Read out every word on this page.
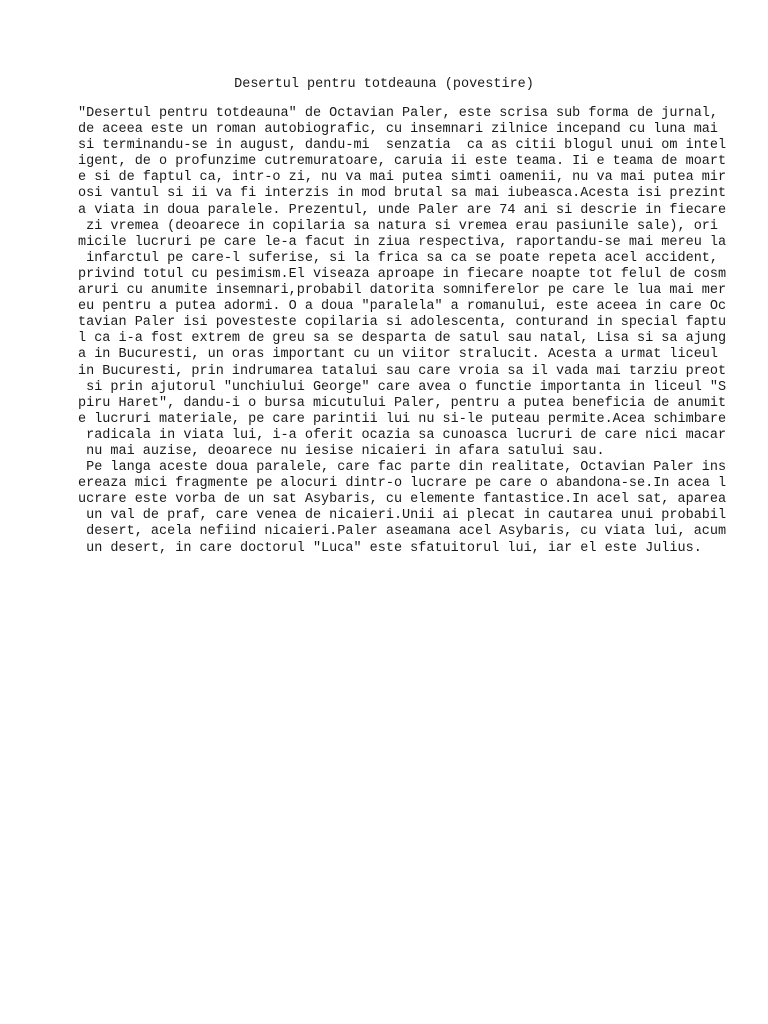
Desertul pentru totdeauna (povestire)
"Desertul pentru totdeauna" de Octavian Paler, este scrisa sub forma de jurnal,
de aceea este un roman autobiografic, cu insemnari zilnice incepand cu luna mai
si terminandu-se in august, dandu-mi  senzatia  ca as citii blogul unui om intel
igent, de o profunzime cutremuratoare, caruia ii este teama. Ii e teama de moart
e si de faptul ca, intr-o zi, nu va mai putea simti oamenii, nu va mai putea mir
osi vantul si ii va fi interzis in mod brutal sa mai iubeasca.Acesta isi prezint
a viata in doua paralele. Prezentul, unde Paler are 74 ani si descrie in fiecare
zi vremea (deoarece in copilaria sa natura si vremea erau pasiunile sale), ori
micile lucruri pe care le-a facut in ziua respectiva, raportandu-se mai mereu la
infarctul pe care-l suferise, si la frica sa ca se poate repeta acel accident,
privind totul cu pesimism.El viseaza aproape in fiecare noapte tot felul de cosm
aruri cu anumite insemnari,probabil datorita somniferelor pe care le lua mai mer
eu pentru a putea adormi. O a doua "paralela" a romanului, este aceea in care Oc
tavian Paler isi povesteste copilaria si adolescenta, conturand in special faptu
l ca i-a fost extrem de greu sa se desparta de satul sau natal, Lisa si sa ajung
a in Bucuresti, un oras important cu un viitor stralucit. Acesta a urmat liceul
in Bucuresti, prin indrumarea tatalui sau care vroia sa il vada mai tarziu preot
si prin ajutorul "unchiului George" care avea o functie importanta in liceul "S
piru Haret", dandu-i o bursa micutului Paler, pentru a putea beneficia de anumit
e lucruri materiale, pe care parintii lui nu si-le puteau permite.Acea schimbare
radicala in viata lui, i-a oferit ocazia sa cunoasca lucruri de care nici macar
nu mai auzise, deoarece nu iesise nicaieri in afara satului sau.
Pe langa aceste doua paralele, care fac parte din realitate, Octavian Paler ins
ereaza mici fragmente pe alocuri dintr-o lucrare pe care o abandona-se.In acea l
ucrare este vorba de un sat Asybaris, cu elemente fantastice.In acel sat, aparea
un val de praf, care venea de nicaieri.Unii ai plecat in cautarea unui probabil
desert, acela nefiind nicaieri.Paler aseamana acel Asybaris, cu viata lui, acum
un desert, in care doctorul "Luca" este sfatuitorul lui, iar el este Julius.
